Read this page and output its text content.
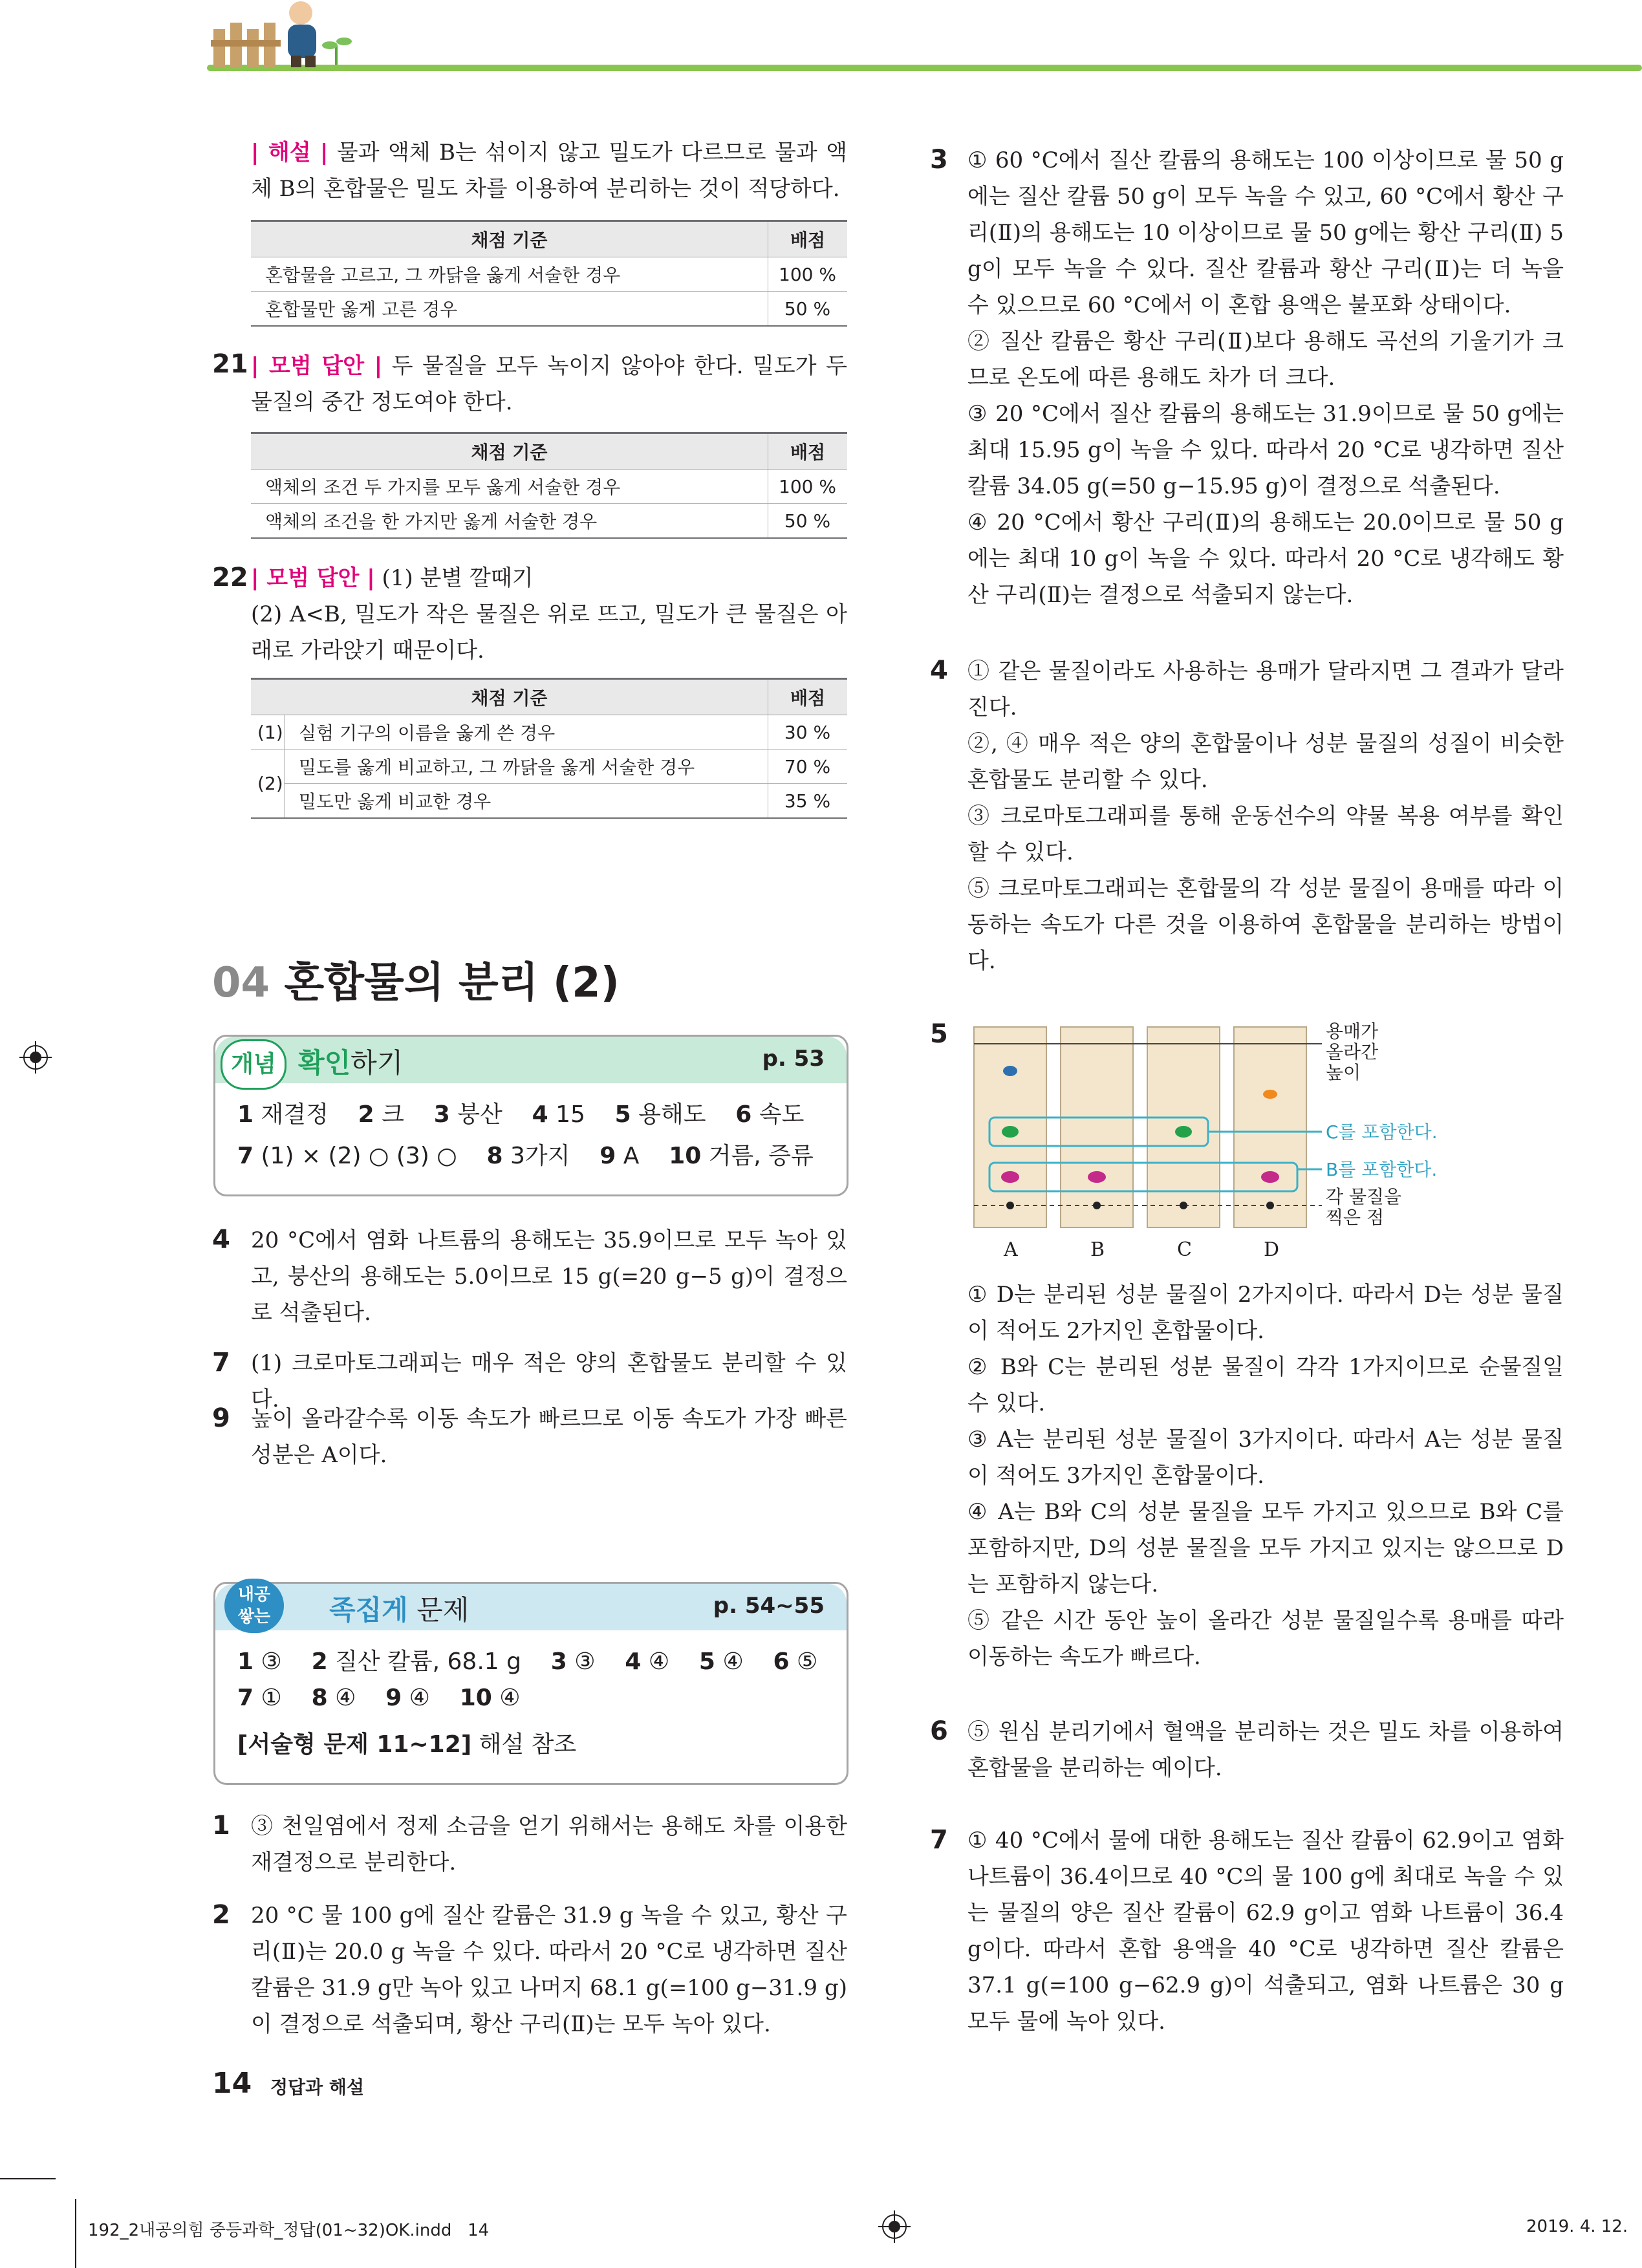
| 해설 | 물과 액체 B는 섞이지 않고 밀도가 다르므로 물과 액체 B의 혼합물은 밀도 차를 이용하여 분리하는 것이 적당하다.
채점 기준	배점
혼합물을 고르고, 그 까닭을 옳게 서술한 경우	100 %
혼합물만 옳게 고른 경우	50 %
21 | 모범 답안 | 두 물질을 모두 녹이지 않아야 한다. 밀도가 두 물질의 중간 정도여야 한다.
채점 기준	배점
액체의 조건 두 가지를 모두 옳게 서술한 경우	100 %
액체의 조건을 한 가지만 옳게 서술한 경우	50 %
22 | 모범 답안 | (1) 분별 깔때기
(2) A<B, 밀도가 작은 물질은 위로 뜨고, 밀도가 큰 물질은 아래로 가라앉기 때문이다.
채점 기준		배점
(1)	실험 기구의 이름을 옳게 쓴 경우	30 %
(2)	밀도를 옳게 비교하고, 그 까닭을 옳게 서술한 경우	70 %
	밀도만 옳게 비교한 경우	35 %
04 혼합물의 분리 (2)
개념 확인하기	p. 53
1 재결정 2 크 3 붕산 4 15 5 용해도 6 속도
7 (1) × (2) ○ (3) ○ 8 3가지 9 A 10 거름, 증류
4 20 °C에서 염화 나트륨의 용해도는 35.9이므로 모두 녹아 있고, 붕산의 용해도는 5.0이므로 15 g(=20 g−5 g)이 결정으로 석출된다.
7 (1) 크로마토그래피는 매우 적은 양의 혼합물도 분리할 수 있다.
9 높이 올라갈수록 이동 속도가 빠르므로 이동 속도가 가장 빠른 성분은 A이다.
내공
쌓는	족집게 문제	p. 54~55
1 ③ 2 질산 칼륨, 68.1 g 3 ③ 4 ④ 5 ④ 6 ⑤
7 ① 8 ④ 9 ④ 10 ④
[서술형 문제 11~12] 해설 참조
1 ③ 천일염에서 정제 소금을 얻기 위해서는 용해도 차를 이용한 재결정으로 분리한다.
2 20 °C 물 100 g에 질산 칼륨은 31.9 g 녹을 수 있고, 황산 구리(Ⅱ)는 20.0 g 녹을 수 있다. 따라서 20 °C로 냉각하면 질산 칼륨은 31.9 g만 녹아 있고 나머지 68.1 g(=100 g−31.9 g)이 결정으로 석출되며, 황산 구리(Ⅱ)는 모두 녹아 있다.
3 ① 60 °C에서 질산 칼륨의 용해도는 100 이상이므로 물 50 g에는 질산 칼륨 50 g이 모두 녹을 수 있고, 60 °C에서 황산 구리(Ⅱ)의 용해도는 10 이상이므로 물 50 g에는 황산 구리(Ⅱ) 5 g이 모두 녹을 수 있다. 질산 칼륨과 황산 구리(Ⅱ)는 더 녹을 수 있으므로 60 °C에서 이 혼합 용액은 불포화 상태이다.
② 질산 칼륨은 황산 구리(Ⅱ)보다 용해도 곡선의 기울기가 크므로 온도에 따른 용해도 차가 더 크다.
③ 20 °C에서 질산 칼륨의 용해도는 31.9이므로 물 50 g에는 최대 15.95 g이 녹을 수 있다. 따라서 20 °C로 냉각하면 질산 칼륨 34.05 g(=50 g−15.95 g)이 결정으로 석출된다.
④ 20 °C에서 황산 구리(Ⅱ)의 용해도는 20.0이므로 물 50 g에는 최대 10 g이 녹을 수 있다. 따라서 20 °C로 냉각해도 황산 구리(Ⅱ)는 결정으로 석출되지 않는다.
4 ① 같은 물질이라도 사용하는 용매가 달라지면 그 결과가 달라진다.
②, ④ 매우 적은 양의 혼합물이나 성분 물질의 성질이 비슷한 혼합물도 분리할 수 있다.
③ 크로마토그래피를 통해 운동선수의 약물 복용 여부를 확인할 수 있다.
⑤ 크로마토그래피는 혼합물의 각 성분 물질이 용매를 따라 이동하는 속도가 다른 것을 이용하여 혼합물을 분리하는 방법이다.
5	용매가
올라간
높이
C를 포함한다.
B를 포함한다.
각 물질을
찍은 점
A	B	C	D
① D는 분리된 성분 물질이 2가지이다. 따라서 D는 성분 물질이 적어도 2가지인 혼합물이다.
② B와 C는 분리된 성분 물질이 각각 1가지이므로 순물질일 수 있다.
③ A는 분리된 성분 물질이 3가지이다. 따라서 A는 성분 물질이 적어도 3가지인 혼합물이다.
④ A는 B와 C의 성분 물질을 모두 가지고 있으므로 B와 C를 포함하지만, D의 성분 물질을 모두 가지고 있지는 않으므로 D는 포함하지 않는다.
⑤ 같은 시간 동안 높이 올라간 성분 물질일수록 용매를 따라 이동하는 속도가 빠르다.
6 ⑤ 원심 분리기에서 혈액을 분리하는 것은 밀도 차를 이용하여 혼합물을 분리하는 예이다.
7 ① 40 °C에서 물에 대한 용해도는 질산 칼륨이 62.9이고 염화 나트륨이 36.4이므로 40 °C의 물 100 g에 최대로 녹을 수 있는 물질의 양은 질산 칼륨이 62.9 g이고 염화 나트륨이 36.4 g이다. 따라서 혼합 용액을 40 °C로 냉각하면 질산 칼륨은 37.1 g(=100 g−62.9 g)이 석출되고, 염화 나트륨은 30 g 모두 물에 녹아 있다.
14 정답과 해설
192_2내공의힘 중등과학_정답(01~32)OK.indd   14	2019. 4. 12.
